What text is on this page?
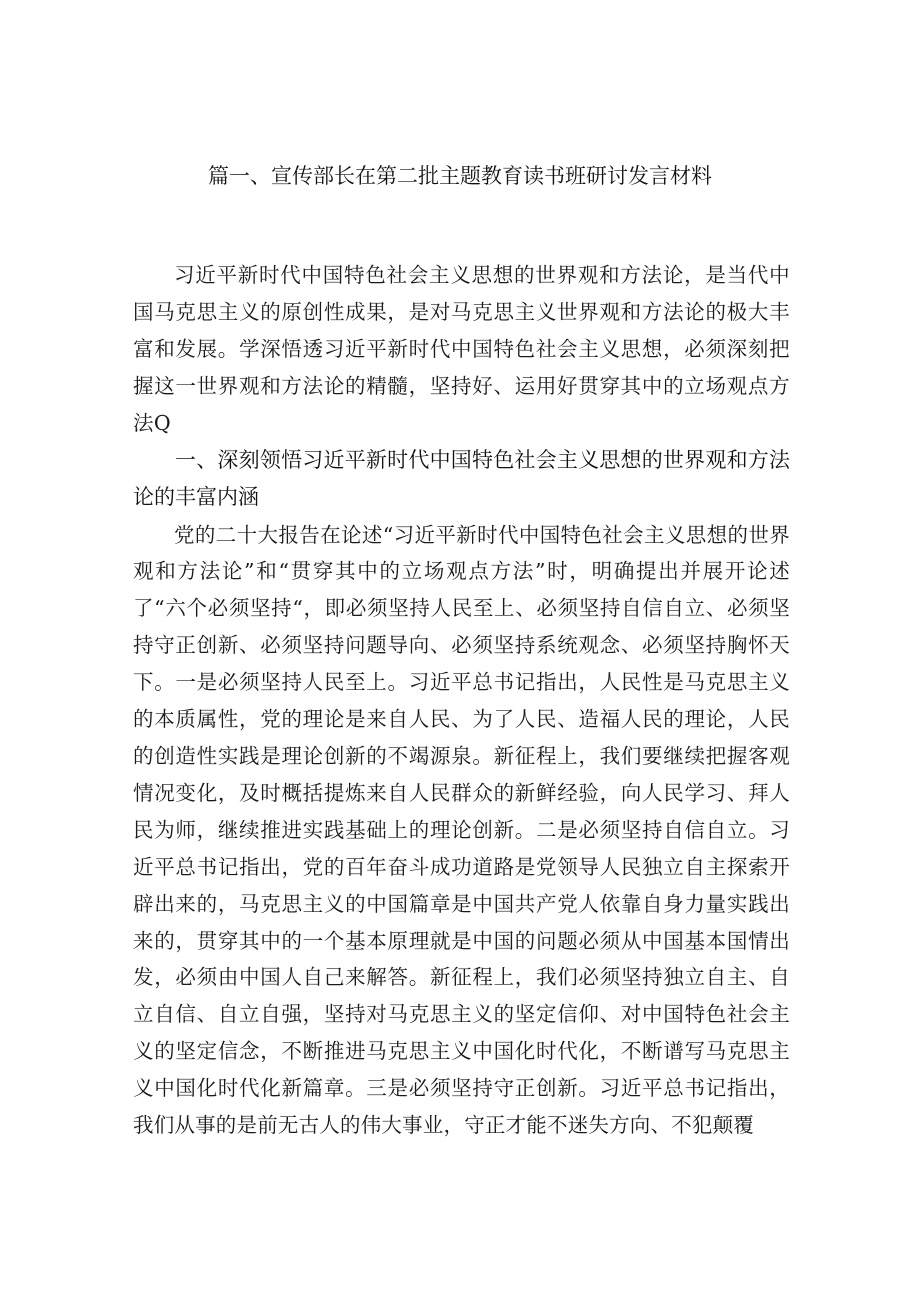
篇一、宣传部长在第二批主题教育读书班研讨发言材料

习近平新时代中国特色社会主义思想的世界观和方法论，是当代中国马克思主义的原创性成果，是对马克思主义世界观和方法论的极大丰富和发展。学深悟透习近平新时代中国特色社会主义思想，必须深刻把握这一世界观和方法论的精髓，坚持好、运用好贯穿其中的立场观点方法Q

一、深刻领悟习近平新时代中国特色社会主义思想的世界观和方法论的丰富内涵

党的二十大报告在论述“习近平新时代中国特色社会主义思想的世界观和方法论”和“贯穿其中的立场观点方法”时，明确提出并展开论述了“六个必须坚持“，即必须坚持人民至上、必须坚持自信自立、必须坚持守正创新、必须坚持问题导向、必须坚持系统观念、必须坚持胸怀天下。一是必须坚持人民至上。习近平总书记指出，人民性是马克思主义的本质属性，党的理论是来自人民、为了人民、造福人民的理论，人民的创造性实践是理论创新的不竭源泉。新征程上，我们要继续把握客观情况变化，及时概括提炼来自人民群众的新鲜经验，向人民学习、拜人民为师，继续推进实践基础上的理论创新。二是必须坚持自信自立。习近平总书记指出，党的百年奋斗成功道路是党领导人民独立自主探索开辟出来的，马克思主义的中国篇章是中国共产党人依靠自身力量实践出来的，贯穿其中的一个基本原理就是中国的问题必须从中国基本国情出发，必须由中国人自己来解答。新征程上，我们必须坚持独立自主、自立自信、自立自强，坚持对马克思主义的坚定信仰、对中国特色社会主义的坚定信念，不断推进马克思主义中国化时代化，不断谱写马克思主义中国化时代化新篇章。三是必须坚持守正创新。习近平总书记指出，我们从事的是前无古人的伟大事业，守正才能不迷失方向、不犯颠覆
